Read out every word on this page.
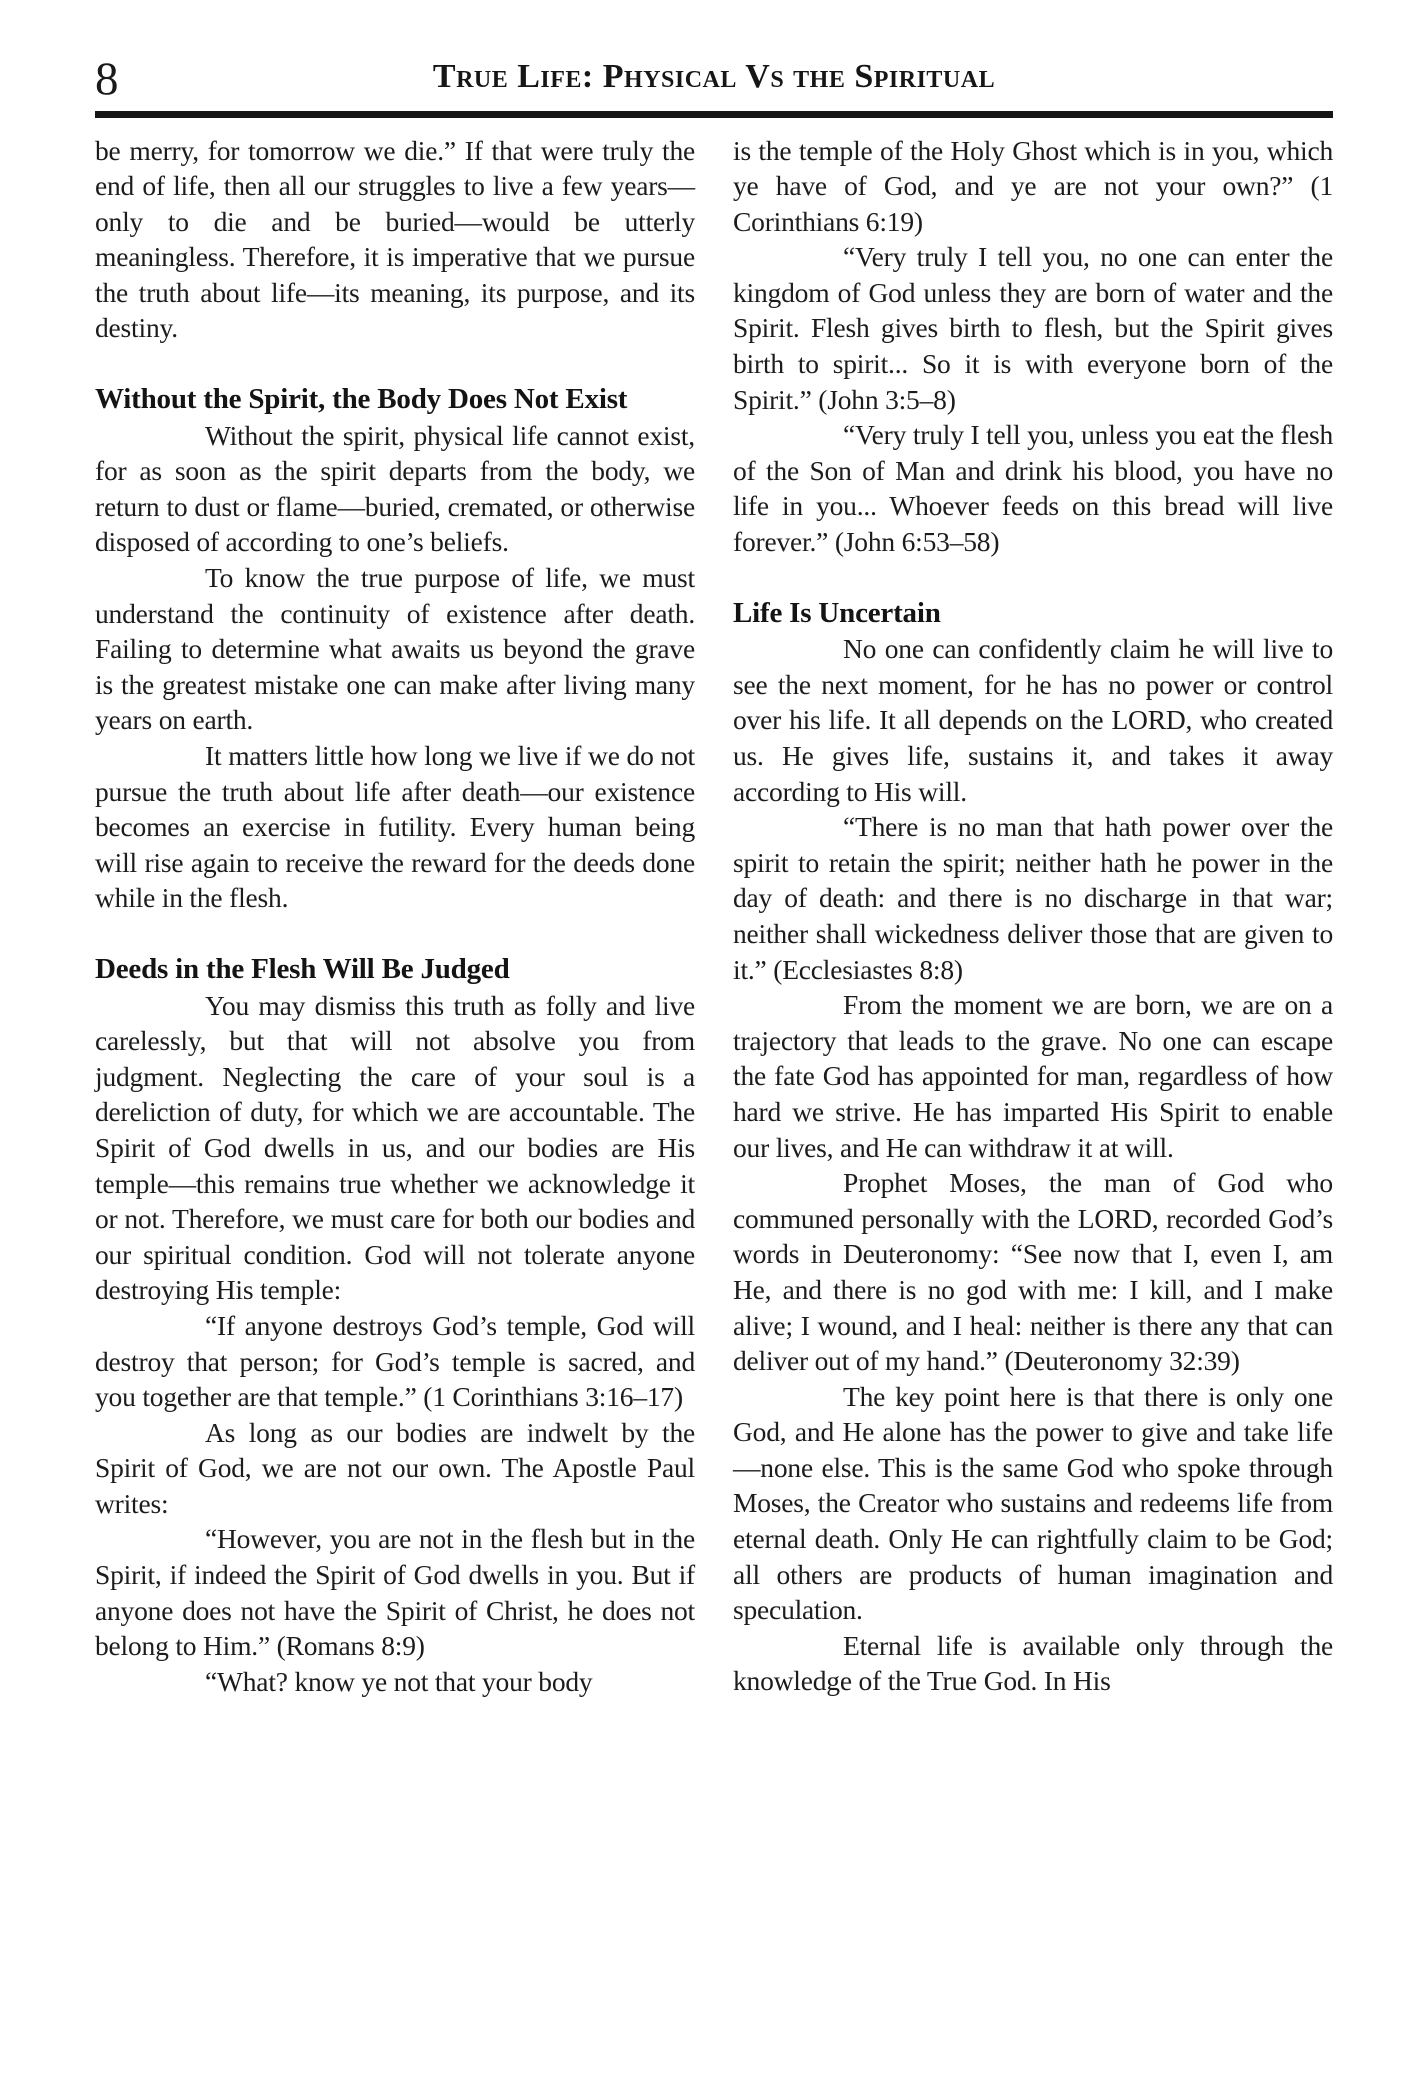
8	True Life: Physical Vs the Spiritual

be merry, for tomorrow we die.” If that were truly the end of life, then all our struggles to live a few years—only to die and be buried—would be utterly meaningless. Therefore, it is imperative that we pursue the truth about life—its meaning, its purpose, and its destiny.

Without the Spirit, the Body Does Not Exist

Without the spirit, physical life cannot exist, for as soon as the spirit departs from the body, we return to dust or flame—buried, cremated, or otherwise disposed of according to one’s beliefs.

To know the true purpose of life, we must understand the continuity of existence after death. Failing to determine what awaits us beyond the grave is the greatest mistake one can make after living many years on earth.

It matters little how long we live if we do not pursue the truth about life after death—our existence becomes an exercise in futility. Every human being will rise again to receive the reward for the deeds done while in the flesh.

Deeds in the Flesh Will Be Judged

You may dismiss this truth as folly and live carelessly, but that will not absolve you from judgment. Neglecting the care of your soul is a dereliction of duty, for which we are accountable. The Spirit of God dwells in us, and our bodies are His temple—this remains true whether we acknowledge it or not. Therefore, we must care for both our bodies and our spiritual condition. God will not tolerate anyone destroying His temple:

“If anyone destroys God’s temple, God will destroy that person; for God’s temple is sacred, and you together are that temple.” (1 Corinthians 3:16–17)

As long as our bodies are indwelt by the Spirit of God, we are not our own. The Apostle Paul writes:

“However, you are not in the flesh but in the Spirit, if indeed the Spirit of God dwells in you. But if anyone does not have the Spirit of Christ, he does not belong to Him.” (Romans 8:9)

“What? know ye not that your body

is the temple of the Holy Ghost which is in you, which ye have of God, and ye are not your own?” (1 Corinthians 6:19)

“Very truly I tell you, no one can enter the kingdom of God unless they are born of water and the Spirit. Flesh gives birth to flesh, but the Spirit gives birth to spirit... So it is with everyone born of the Spirit.” (John 3:5–8)

“Very truly I tell you, unless you eat the flesh of the Son of Man and drink his blood, you have no life in you... Whoever feeds on this bread will live forever.” (John 6:53–58)

Life Is Uncertain

No one can confidently claim he will live to see the next moment, for he has no power or control over his life. It all depends on the LORD, who created us. He gives life, sustains it, and takes it away according to His will.

“There is no man that hath power over the spirit to retain the spirit; neither hath he power in the day of death: and there is no discharge in that war; neither shall wickedness deliver those that are given to it.” (Ecclesiastes 8:8)

From the moment we are born, we are on a trajectory that leads to the grave. No one can escape the fate God has appointed for man, regardless of how hard we strive. He has imparted His Spirit to enable our lives, and He can withdraw it at will.

Prophet Moses, the man of God who communed personally with the LORD, recorded God’s words in Deuteronomy: “See now that I, even I, am He, and there is no god with me: I kill, and I make alive; I wound, and I heal: neither is there any that can deliver out of my hand.” (Deuteronomy 32:39)

The key point here is that there is only one God, and He alone has the power to give and take life—none else. This is the same God who spoke through Moses, the Creator who sustains and redeems life from eternal death. Only He can rightfully claim to be God; all others are products of human imagination and speculation.

Eternal life is available only through the knowledge of the True God. In His
